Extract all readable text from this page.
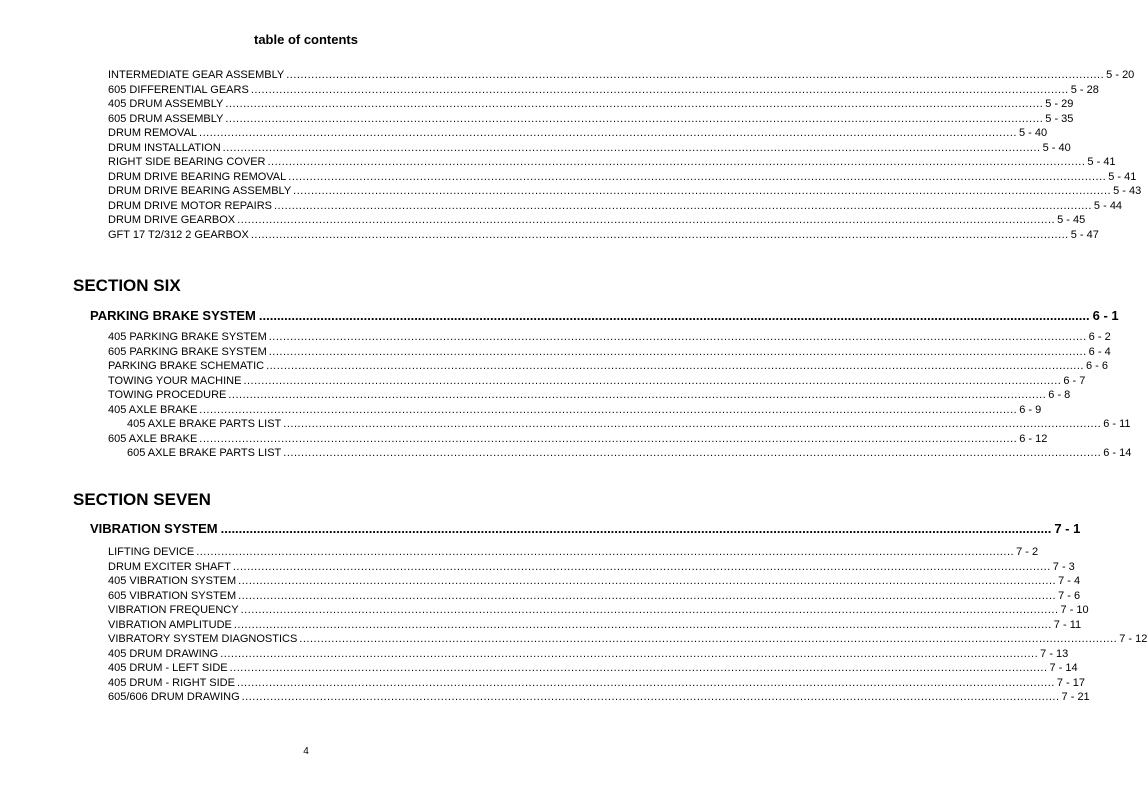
table of contents
INTERMEDIATE GEAR ASSEMBLY ...................................................................................................................................................................................................................................... 5 - 20
605 DIFFERENTIAL GEARS ...................................................................................................................................................................................................................................... 5 - 28
405 DRUM ASSEMBLY ...................................................................................................................................................................................................................................... 5 - 29
605 DRUM ASSEMBLY ...................................................................................................................................................................................................................................... 5 - 35
DRUM REMOVAL ...................................................................................................................................................................................................................................... 5 - 40
DRUM INSTALLATION ...................................................................................................................................................................................................................................... 5 - 40
RIGHT SIDE BEARING COVER ...................................................................................................................................................................................................................................... 5 - 41
DRUM DRIVE BEARING REMOVAL ...................................................................................................................................................................................................................................... 5 - 41
DRUM DRIVE BEARING ASSEMBLY ...................................................................................................................................................................................................................................... 5 - 43
DRUM DRIVE MOTOR REPAIRS ...................................................................................................................................................................................................................................... 5 - 44
DRUM DRIVE GEARBOX ...................................................................................................................................................................................................................................... 5 - 45
GFT 17 T2/312 2 GEARBOX ...................................................................................................................................................................................................................................... 5 - 47
SECTION SIX
PARKING BRAKE SYSTEM ...................................................................................................................................................................................................................................... 6 - 1
405 PARKING BRAKE SYSTEM ...................................................................................................................................................................................................................................... 6 - 2
605 PARKING BRAKE SYSTEM ...................................................................................................................................................................................................................................... 6 - 4
PARKING BRAKE SCHEMATIC ...................................................................................................................................................................................................................................... 6 - 6
TOWING YOUR MACHINE ...................................................................................................................................................................................................................................... 6 - 7
TOWING PROCEDURE ...................................................................................................................................................................................................................................... 6 - 8
405 AXLE BRAKE ...................................................................................................................................................................................................................................... 6 - 9
405 AXLE BRAKE PARTS LIST ...................................................................................................................................................................................................................................... 6 - 11
605 AXLE BRAKE ...................................................................................................................................................................................................................................... 6 - 12
605 AXLE BRAKE PARTS LIST ...................................................................................................................................................................................................................................... 6 - 14
SECTION SEVEN
VIBRATION SYSTEM ...................................................................................................................................................................................................................................... 7 - 1
LIFTING DEVICE ...................................................................................................................................................................................................................................... 7 - 2
DRUM EXCITER SHAFT ...................................................................................................................................................................................................................................... 7 - 3
405 VIBRATION SYSTEM ...................................................................................................................................................................................................................................... 7 - 4
605 VIBRATION SYSTEM ...................................................................................................................................................................................................................................... 7 - 6
VIBRATION FREQUENCY ...................................................................................................................................................................................................................................... 7 - 10
VIBRATION AMPLITUDE ...................................................................................................................................................................................................................................... 7 - 11
VIBRATORY SYSTEM DIAGNOSTICS ...................................................................................................................................................................................................................................... 7 - 12
405 DRUM DRAWING ...................................................................................................................................................................................................................................... 7 - 13
405 DRUM - LEFT SIDE ...................................................................................................................................................................................................................................... 7 - 14
405 DRUM - RIGHT SIDE ...................................................................................................................................................................................................................................... 7 - 17
605/606 DRUM DRAWING ...................................................................................................................................................................................................................................... 7 - 21
4
